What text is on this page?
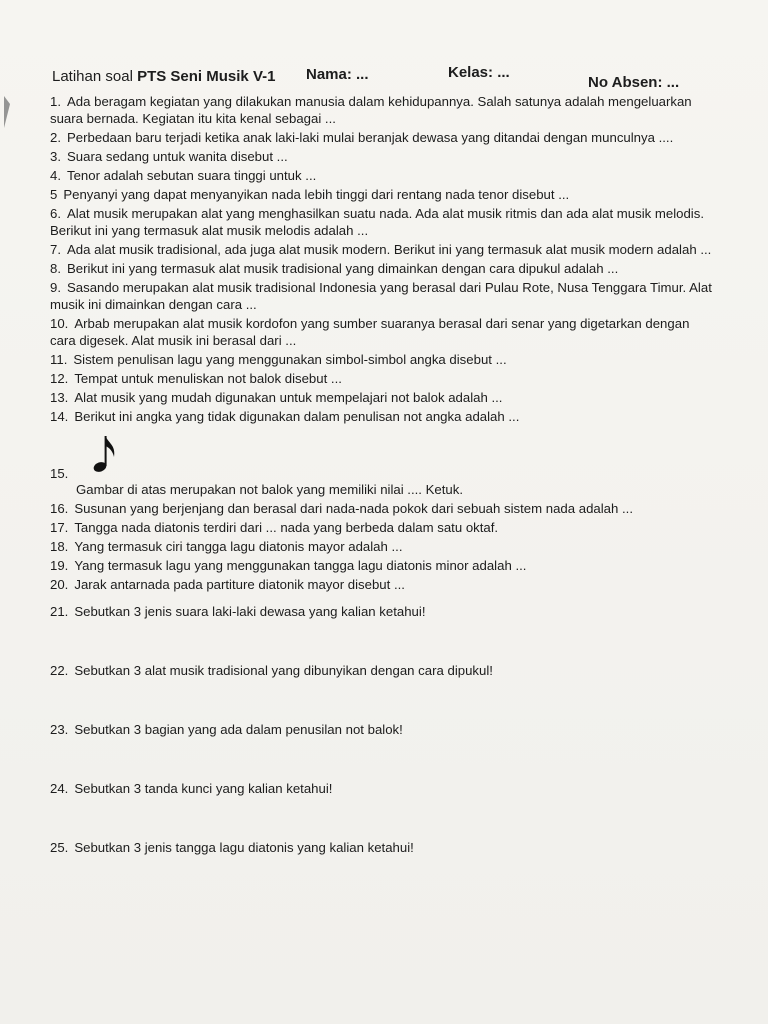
Latihan soal PTS Seni Musik V-1 Nama: ...	Kelas: ...
No Absen: ...

1. Ada beragam kegiatan yang dilakukan manusia dalam kehidupannya. Salah satunya adalah mengeluarkan suara bernada. Kegiatan itu kita kenal sebagai ...

2. Perbedaan baru terjadi ketika anak laki-laki mulai beranjak dewasa yang ditandai dengan munculnya ....

3. Suara sedang untuk wanita disebut ...

4. Tenor adalah sebutan suara tinggi untuk ...

5 Penyanyi yang dapat menyanyikan nada lebih tinggi dari rentang nada tenor disebut ...

6. Alat musik merupakan alat yang menghasilkan suatu nada. Ada alat musik ritmis dan ada alat musik melodis. Berikut ini yang termasuk alat musik melodis adalah ...

7. Ada alat musik tradisional, ada juga alat musik modern. Berikut ini yang termasuk alat musik modern adalah ...

8. Berikut ini yang termasuk alat musik tradisional yang dimainkan dengan cara dipukul adalah ...

9. Sasando merupakan alat musik tradisional Indonesia yang berasal dari Pulau Rote, Nusa Tenggara Timur. Alat musik ini dimainkan dengan cara ...

10. Arbab merupakan alat musik kordofon yang sumber suaranya berasal dari senar yang digetarkan dengan cara digesek. Alat musik ini berasal dari ...

11. Sistem penulisan lagu yang menggunakan simbol-simbol angka disebut ...

12. Tempat untuk menuliskan not balok disebut ...

13. Alat musik yang mudah digunakan untuk mempelajari not balok adalah ...

14. Berikut ini angka yang tidak digunakan dalam penulisan not angka adalah ...

15.

Gambar di atas merupakan not balok yang memiliki nilai .... Ketuk.

16. Susunan yang berjenjang dan berasal dari nada-nada pokok dari sebuah sistem nada adalah ...

17. Tangga nada diatonis terdiri dari ... nada yang berbeda dalam satu oktaf.

18. Yang termasuk ciri tangga lagu diatonis mayor adalah ...

19. Yang termasuk lagu yang menggunakan tangga lagu diatonis minor adalah ...

20. Jarak antarnada pada partiture diatonik mayor disebut ...

21. Sebutkan 3 jenis suara laki-laki dewasa yang kalian ketahui!

22. Sebutkan 3 alat musik tradisional yang dibunyikan dengan cara dipukul!

23. Sebutkan 3 bagian yang ada dalam penusilan not balok!

24. Sebutkan 3 tanda kunci yang kalian ketahui!

25. Sebutkan 3 jenis tangga lagu diatonis yang kalian ketahui!
